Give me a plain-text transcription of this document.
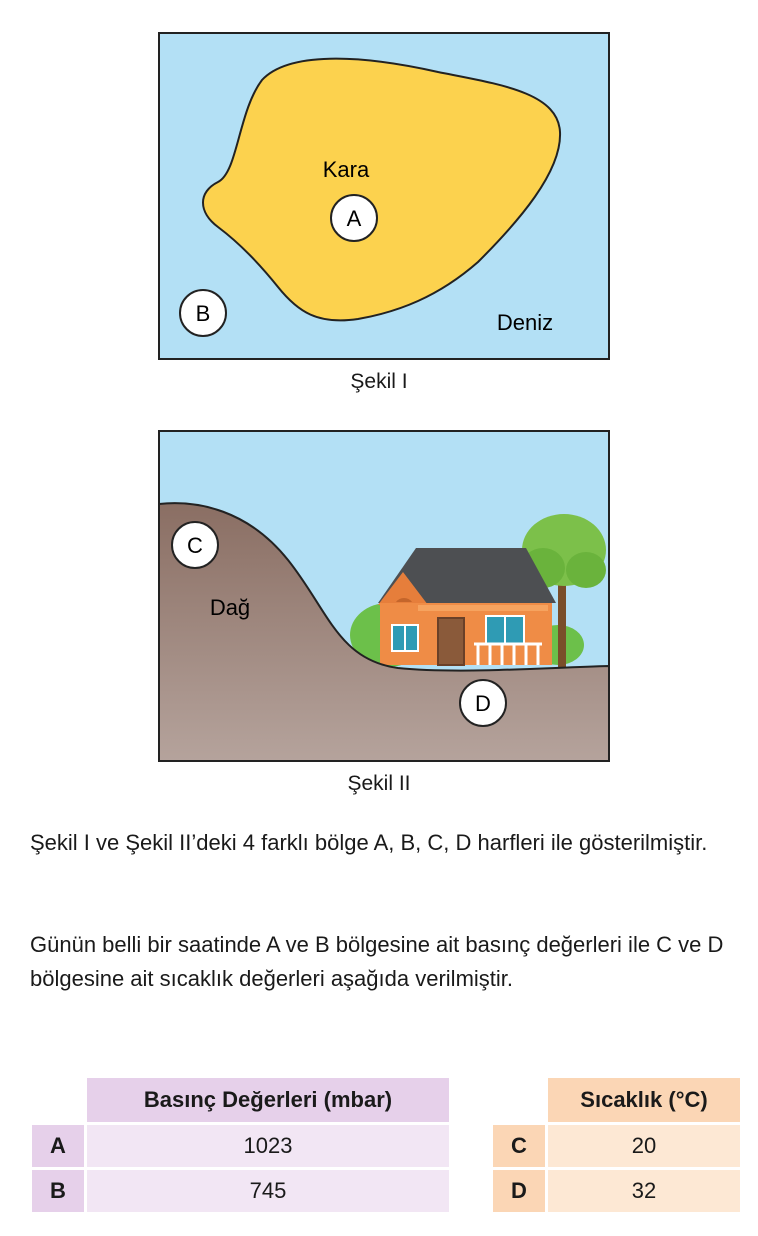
Kara
A
B	Deniz
Şekil I
C
Dağ
D
Şekil II

Şekil I ve Şekil II’deki 4 farklı bölge A, B, C, D harfleri ile gösterilmiştir.

Günün belli bir saatinde A ve B bölgesine ait basınç değerleri ile C ve D bölgesine ait sıcaklık değerleri aşağıda verilmiştir.

	Basınç Değerleri (mbar)
A	1023
B	745
	Sıcaklık (°C)
C	20
D	32
